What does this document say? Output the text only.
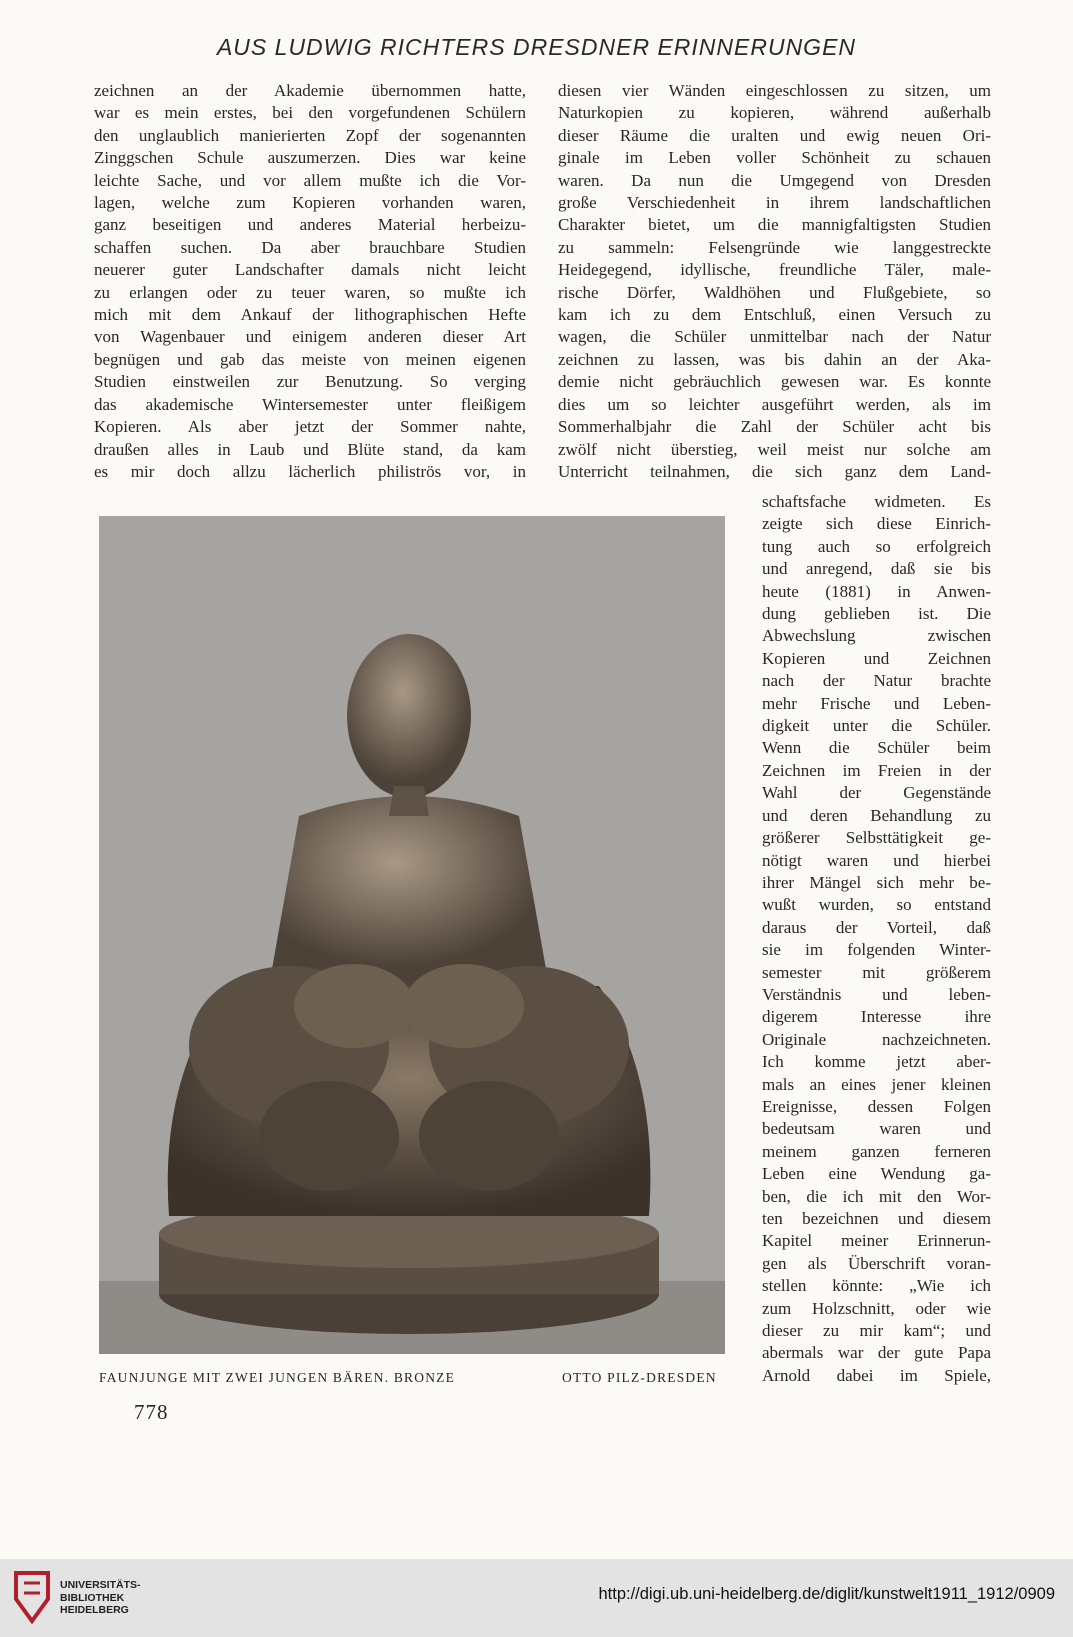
AUS LUDWIG RICHTERS DRESDNER ERINNERUNGEN
zeichnen an der Akademie übernommen hatte,
war es mein erstes, bei den vorgefundenen Schülern
den unglaublich manierierten Zopf der sogenannten
Zinggschen Schule auszumerzen. Dies war keine
leichte Sache, und vor allem mußte ich die Vor-
lagen, welche zum Kopieren vorhanden waren,
ganz beseitigen und anderes Material herbeizu-
schaffen suchen. Da aber brauchbare Studien
neuerer guter Landschafter damals nicht leicht
zu erlangen oder zu teuer waren, so mußte ich
mich mit dem Ankauf der lithographischen Hefte
von Wagenbauer und einigem anderen dieser Art
begnügen und gab das meiste von meinen eigenen
Studien einstweilen zur Benutzung. So verging
das akademische Wintersemester unter fleißigem
Kopieren. Als aber jetzt der Sommer nahte,
draußen alles in Laub und Blüte stand, da kam
es mir doch allzu lächerlich philiströs vor, in
diesen vier Wänden eingeschlossen zu sitzen, um
Naturkopien zu kopieren, während außerhalb
dieser Räume die uralten und ewig neuen Ori-
ginale im Leben voller Schönheit zu schauen
waren. Da nun die Umgegend von Dresden
große Verschiedenheit in ihrem landschaftlichen
Charakter bietet, um die mannigfaltigsten Studien
zu sammeln: Felsengründe wie langgestreckte
Heidegegend, idyllische, freundliche Täler, male-
rische Dörfer, Waldhöhen und Flußgebiete, so
kam ich zu dem Entschluß, einen Versuch zu
wagen, die Schüler unmittelbar nach der Natur
zeichnen zu lassen, was bis dahin an der Aka-
demie nicht gebräuchlich gewesen war. Es konnte
dies um so leichter ausgeführt werden, als im
Sommerhalbjahr die Zahl der Schüler acht bis
zwölf nicht überstieg, weil meist nur solche am
Unterricht teilnahmen, die sich ganz dem Land-
schaftsfache widmeten. Es
zeigte sich diese Einrich-
tung auch so erfolgreich
und anregend, daß sie bis
heute (1881) in Anwen-
dung geblieben ist. Die
Abwechslung zwischen
Kopieren und Zeichnen
nach der Natur brachte
mehr Frische und Leben-
digkeit unter die Schüler.
Wenn die Schüler beim
Zeichnen im Freien in der
Wahl der Gegenstände
und deren Behandlung zu
größerer Selbsttätigkeit ge-
nötigt waren und hierbei
ihrer Mängel sich mehr be-
wußt wurden, so entstand
daraus der Vorteil, daß
sie im folgenden Winter-
semester mit größerem
Verständnis und leben-
digerem Interesse ihre
Originale nachzeichneten.
Ich komme jetzt aber-
mals an eines jener kleinen
Ereignisse, dessen Folgen
bedeutsam waren und
meinem ganzen ferneren
Leben eine Wendung ga-
ben, die ich mit den Wor-
ten bezeichnen und diesem
Kapitel meiner Erinnerun-
gen als Überschrift voran-
stellen könnte: „Wie ich
zum Holzschnitt, oder wie
dieser zu mir kam“; und
abermals war der gute Papa
Arnold dabei im Spiele,
FAUNJUNGE MIT ZWEI JUNGEN BÄREN. BRONZE	OTTO PILZ-DRESDEN
778
UNIVERSITÄTS-
BIBLIOTHEK
HEIDELBERG
http://digi.ub.uni-heidelberg.de/diglit/kunstwelt1911_1912/0909
